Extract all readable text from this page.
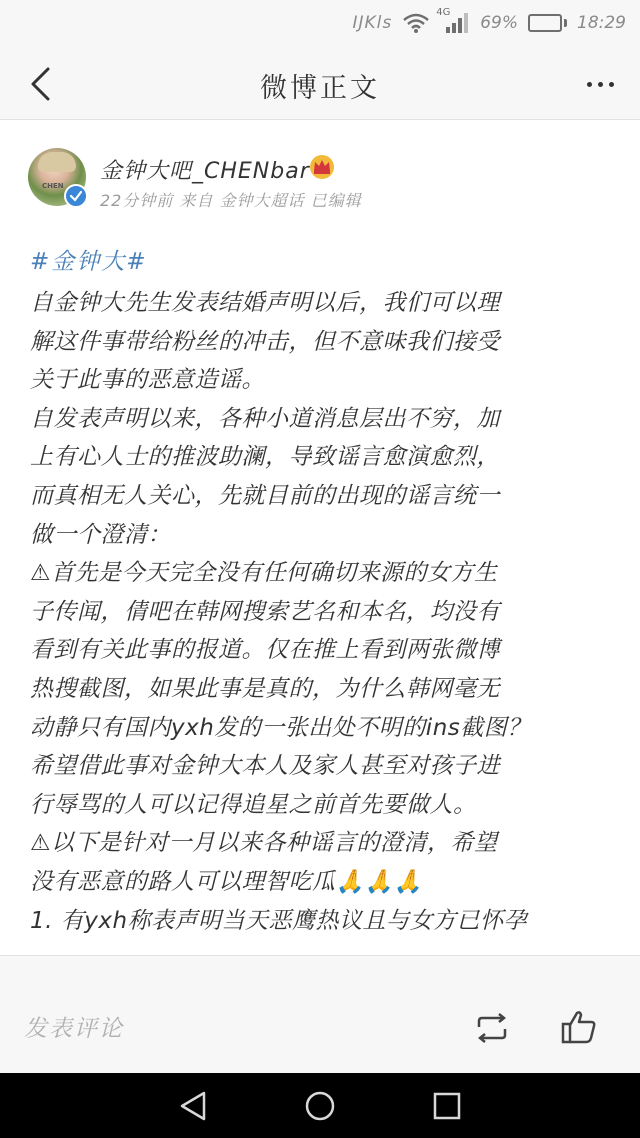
IJKls
4G
69%	18:29
微博正文
CHEN
金钟大吧_CHENbar
22分钟前 来自 金钟大超话 已编辑
#金钟大#
自金钟大先生发表结婚声明以后，我们可以理
解这件事带给粉丝的冲击，但不意味我们接受
关于此事的恶意造谣。
自发表声明以来，各种小道消息层出不穷，加
上有心人士的推波助澜，导致谣言愈演愈烈，
而真相无人关心，先就目前的出现的谣言统一
做一个澄清：
⚠首先是今天完全没有任何确切来源的女方生
子传闻，倩吧在韩网搜索艺名和本名，均没有
看到有关此事的报道。仅在推上看到两张微博
热搜截图，如果此事是真的，为什么韩网毫无
动静只有国内yxh发的一张出处不明的ins截图？
希望借此事对金钟大本人及家人甚至对孩子进
行辱骂的人可以记得追星之前首先要做人。
⚠以下是针对一月以来各种谣言的澄清，希望
没有恶意的路人可以理智吃瓜🙏🙏🙏
1. 有yxh称表声明当天恶鹰热议且与女方已怀孕
发表评论
